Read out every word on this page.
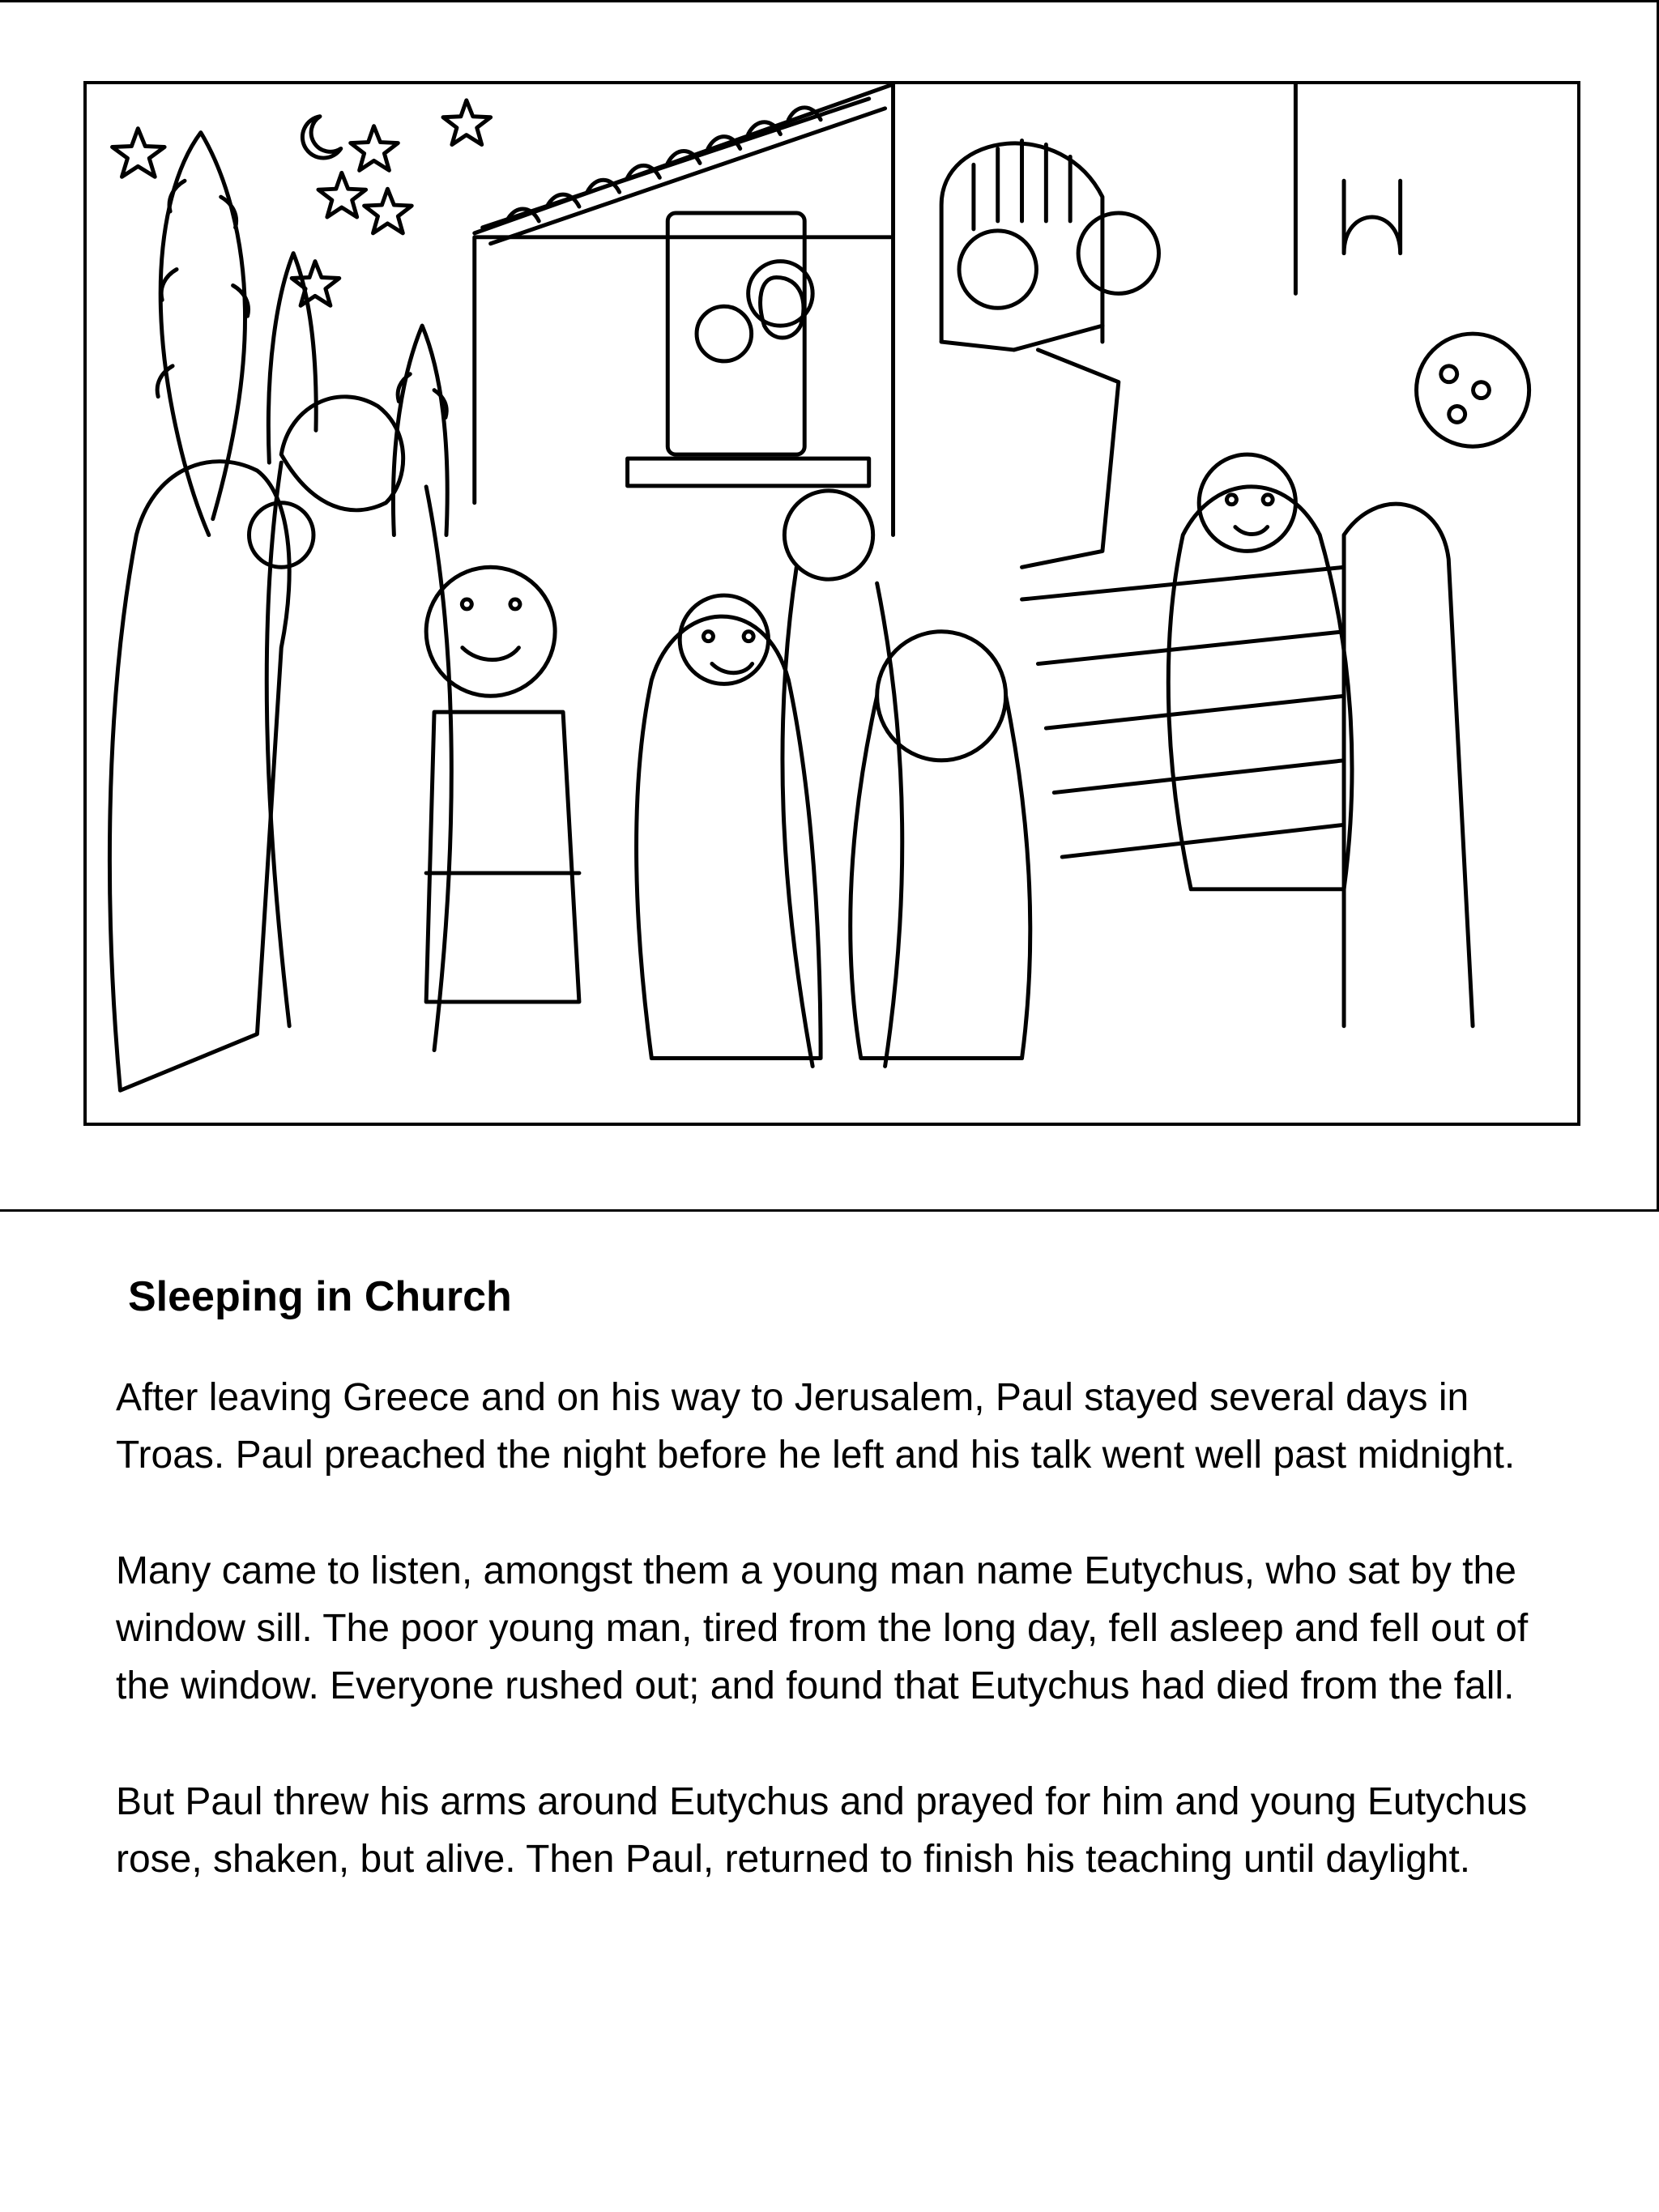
Sleeping in Church

After leaving Greece and on his way to Jerusalem, Paul stayed several days in Troas. Paul preached the night before he left and his talk went well past midnight.

Many came to listen, amongst them a young man name Eutychus, who sat by the window sill. The poor young man, tired from the long day, fell asleep and fell out of the window. Everyone rushed out; and found that Eutychus had died from the fall.

But Paul threw his arms around Eutychus and prayed for him and young Eutychus rose, shaken, but alive. Then Paul, returned to finish his teaching until daylight.
